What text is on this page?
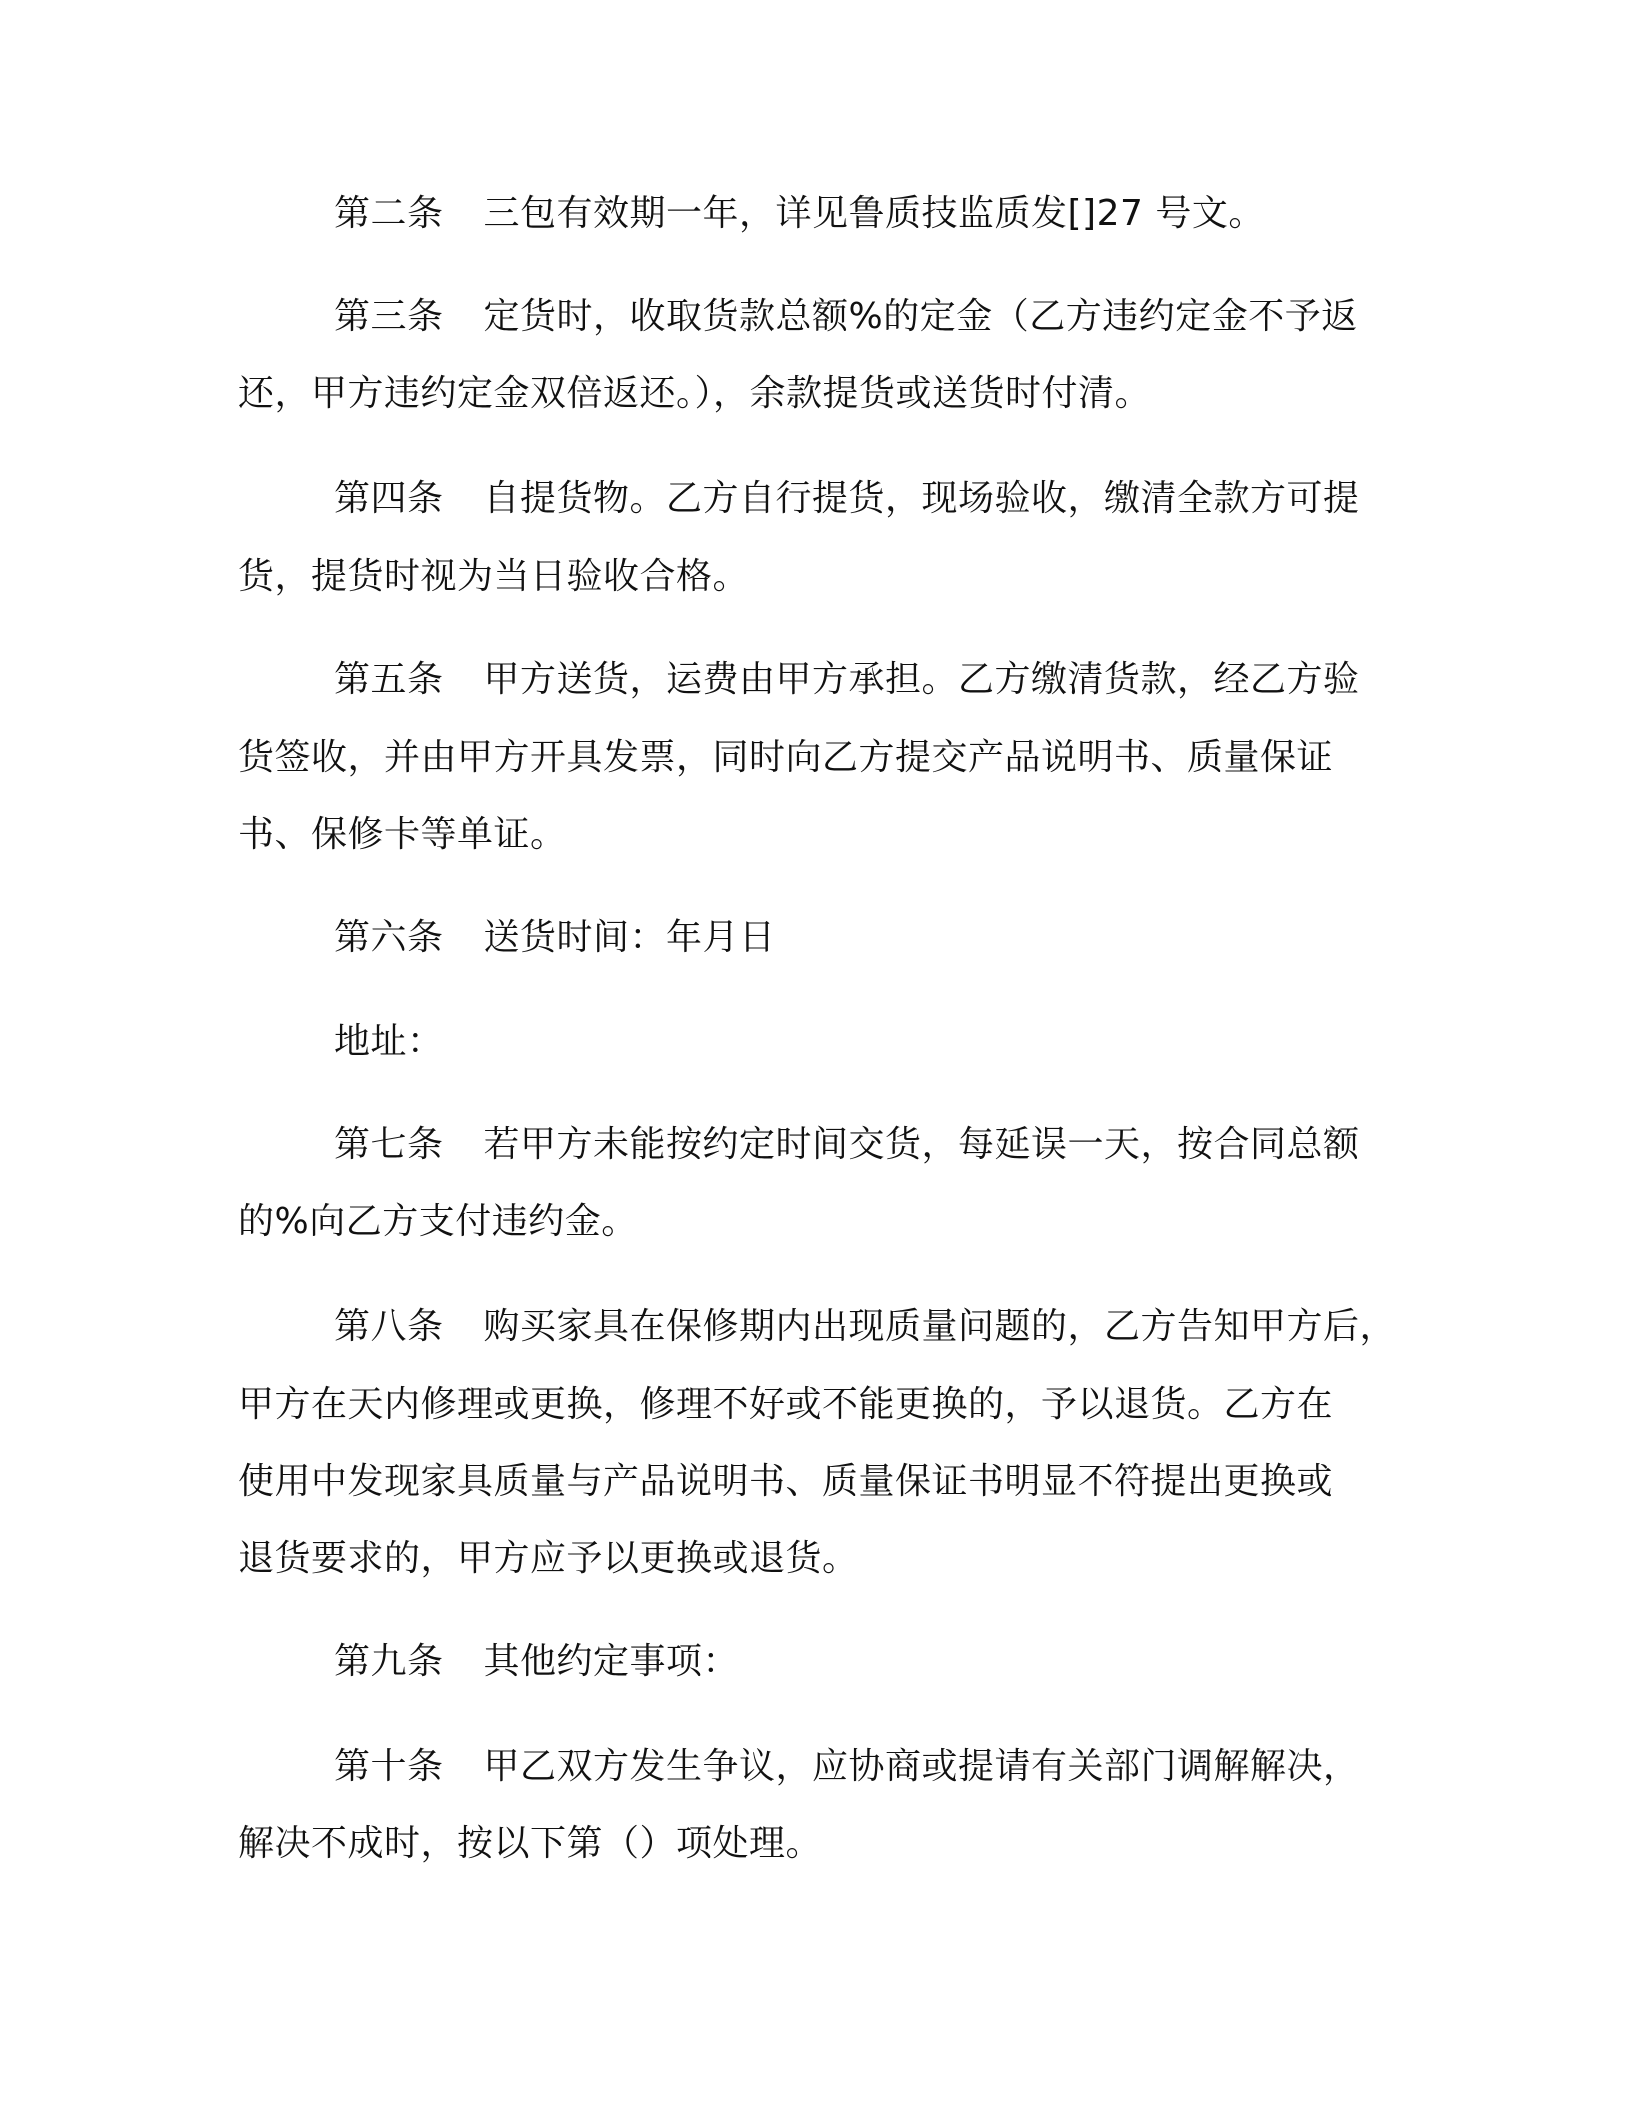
第二条 三包有效期一年，详见鲁质技监质发[]27 号文。
第三条 定货时，收取货款总额%的定金（乙方违约定金不予返
还，甲方违约定金双倍返还。），余款提货或送货时付清。
第四条 自提货物。乙方自行提货，现场验收，缴清全款方可提
货，提货时视为当日验收合格。
第五条 甲方送货，运费由甲方承担。乙方缴清货款，经乙方验
货签收，并由甲方开具发票，同时向乙方提交产品说明书、质量保证
书、保修卡等单证。
第六条 送货时间：年月日
地址：
第七条 若甲方未能按约定时间交货，每延误一天，按合同总额
的%向乙方支付违约金。
第八条 购买家具在保修期内出现质量问题的，乙方告知甲方后，
甲方在天内修理或更换，修理不好或不能更换的，予以退货。乙方在
使用中发现家具质量与产品说明书、质量保证书明显不符提出更换或
退货要求的，甲方应予以更换或退货。
第九条 其他约定事项：
第十条 甲乙双方发生争议，应协商或提请有关部门调解解决，
解决不成时，按以下第（）项处理。
